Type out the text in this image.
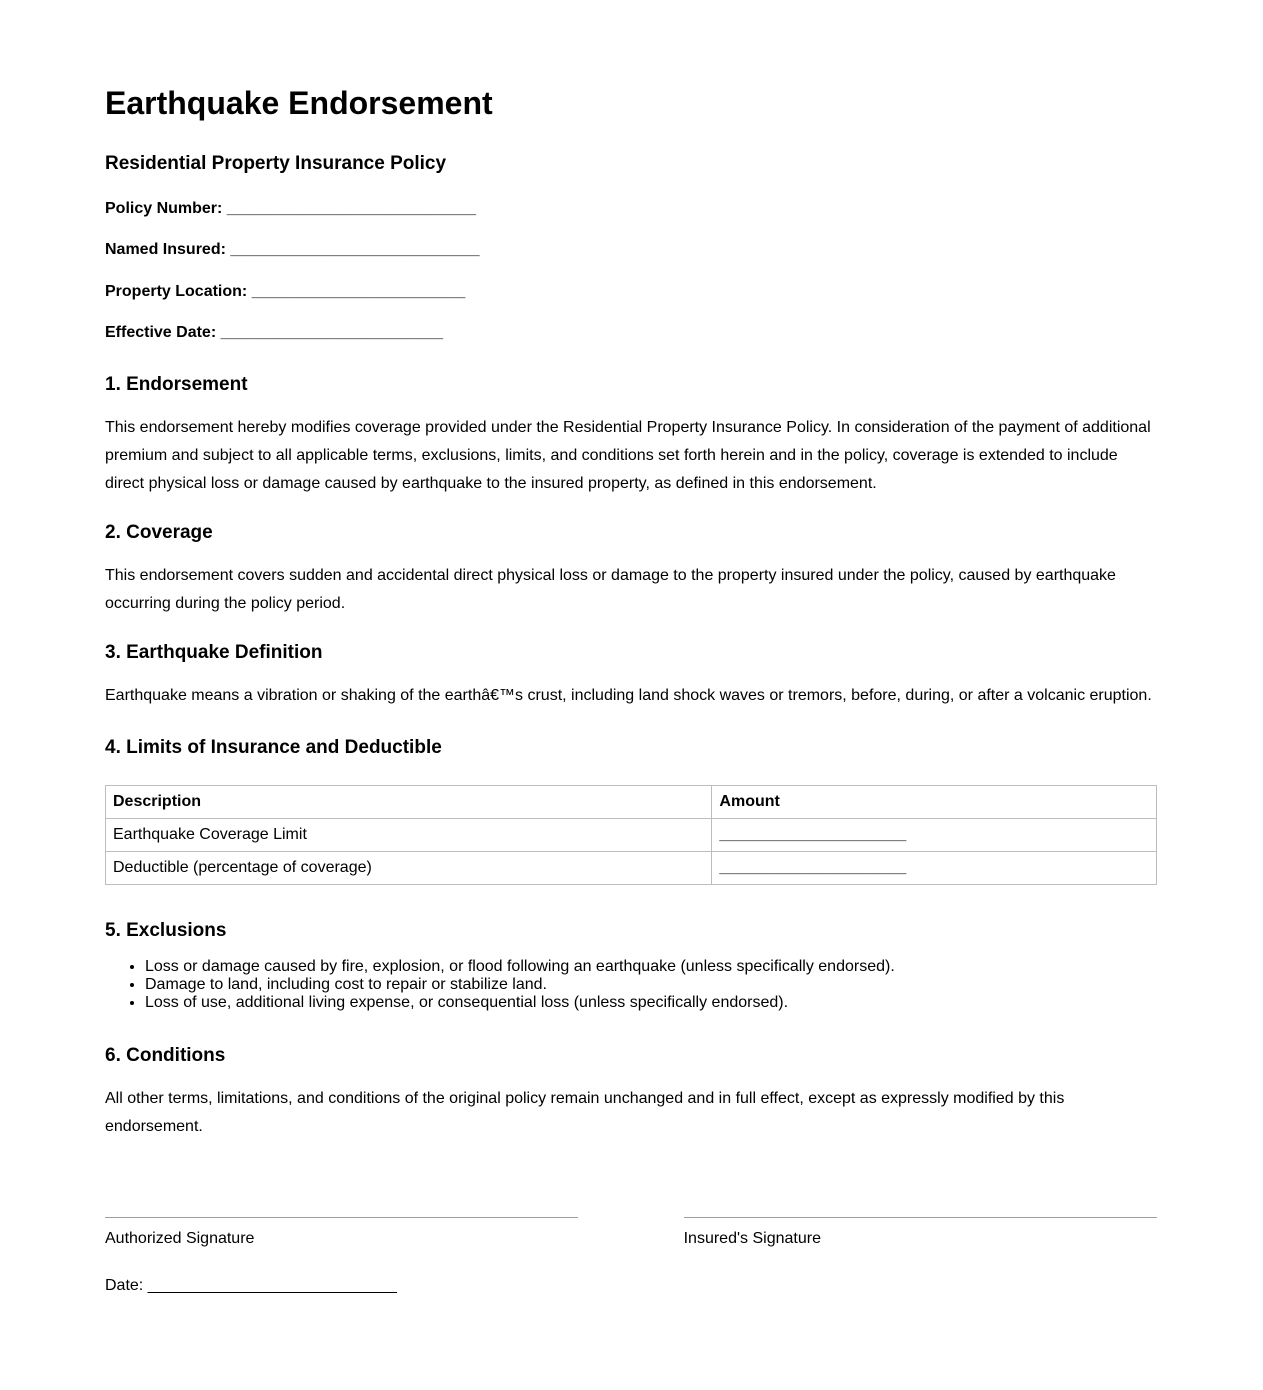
Earthquake Endorsement
Residential Property Insurance Policy

Policy Number: ____________________________

Named Insured: ____________________________

Property Location: ________________________

Effective Date: _________________________

1. Endorsement

This endorsement hereby modifies coverage provided under the Residential Property Insurance Policy. In consideration of the payment of additional premium and subject to all applicable terms, exclusions, limits, and conditions set forth herein and in the policy, coverage is extended to include direct physical loss or damage caused by earthquake to the insured property, as defined in this endorsement.

2. Coverage

This endorsement covers sudden and accidental direct physical loss or damage to the property insured under the policy, caused by earthquake occurring during the policy period.

3. Earthquake Definition

Earthquake means a vibration or shaking of the earthâ€™s crust, including land shock waves or tremors, before, during, or after a volcanic eruption.

4. Limits of Insurance and Deductible
Description	Amount
Earthquake Coverage Limit	_____________________
Deductible (percentage of coverage)	_____________________
5. Exclusions
• Loss or damage caused by fire, explosion, or flood following an earthquake (unless specifically endorsed).
• Damage to land, including cost to repair or stabilize land.
• Loss of use, additional living expense, or consequential loss (unless specifically endorsed).
6. Conditions

All other terms, limitations, and conditions of the original policy remain unchanged and in full effect, except as expressly modified by this endorsement.

Authorized Signature	Insured's Signature

Date: ____________________________
